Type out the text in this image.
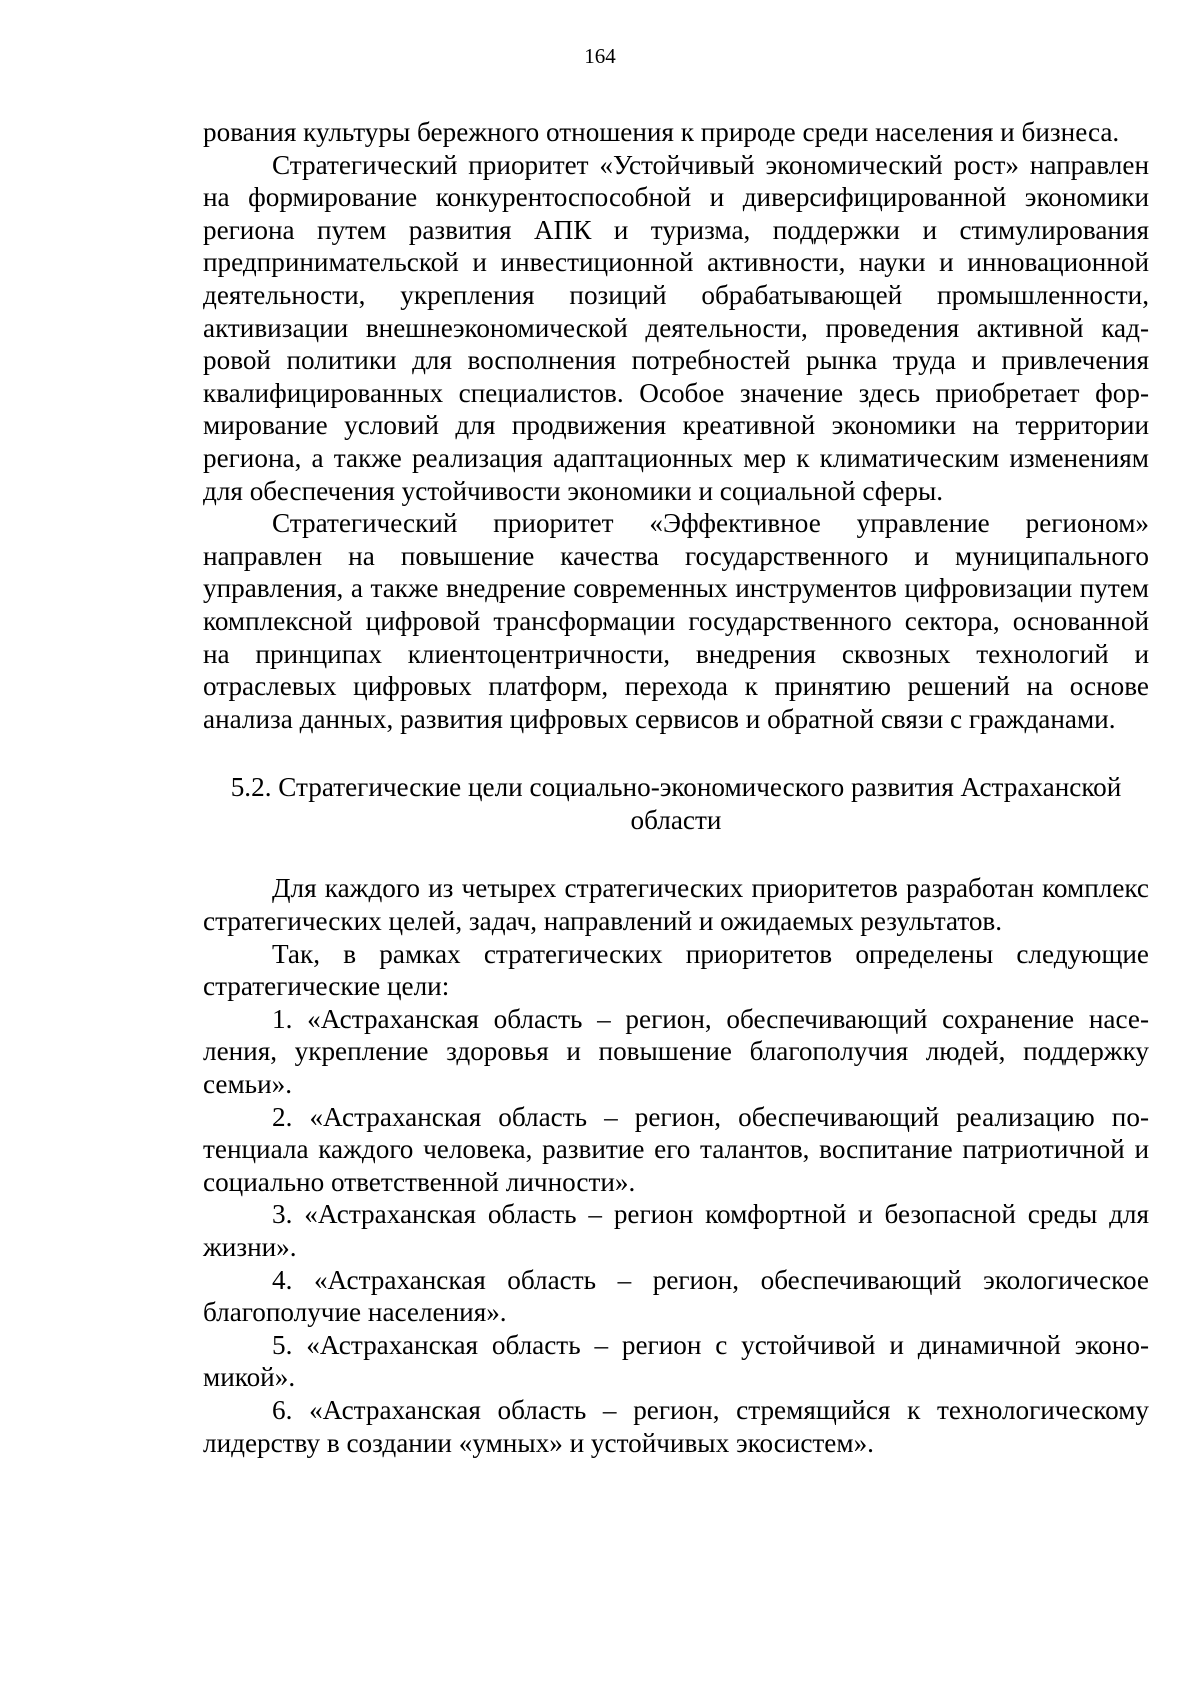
164

рования культуры бережного отношения к природе среди населения и бизнеса.

Стратегический приоритет «Устойчивый экономический рост» направлен на формирование конкурентоспособной и диверсифицированной экономики региона путем развития АПК и туризма, поддержки и стимулирования предпринимательской и инвестиционной активности, науки и инновационной деятельности, укрепления позиций обрабатывающей промышленности, активизации внешнеэкономической деятельности, проведения активной кадровой политики для восполнения потребностей рынка труда и привлечения квалифицированных специалистов. Особое значение здесь приобретает формирование условий для продвижения креативной экономики на территории региона, а также реализация адаптационных мер к климатическим изменениям для обеспечения устойчивости экономики и социальной сферы.

Стратегический приоритет «Эффективное управление регионом» направлен на повышение качества государственного и муниципального управления, а также внедрение современных инструментов цифровизации путем комплексной цифровой трансформации государственного сектора, основанной на принципах клиентоцентричности, внедрения сквозных технологий и отраслевых цифровых платформ, перехода к принятию решений на основе анализа данных, развития цифровых сервисов и обратной связи с гражданами.

5.2. Стратегические цели социально-экономического развития Астраханской
области

Для каждого из четырех стратегических приоритетов разработан комплекс стратегических целей, задач, направлений и ожидаемых результатов.

Так, в рамках стратегических приоритетов определены следующие стратегические цели:

1. «Астраханская область – регион, обеспечивающий сохранение населения, укрепление здоровья и повышение благополучия людей, поддержку семьи».

2. «Астраханская область – регион, обеспечивающий реализацию потенциала каждого человека, развитие его талантов, воспитание патриотичной и социально ответственной личности».

3. «Астраханская область – регион комфортной и безопасной среды для жизни».

4. «Астраханская область – регион, обеспечивающий экологическое благополучие населения».

5. «Астраханская область – регион с устойчивой и динамичной экономикой».

6. «Астраханская область – регион, стремящийся к технологическому лидерству в создании «умных» и устойчивых экосистем».
